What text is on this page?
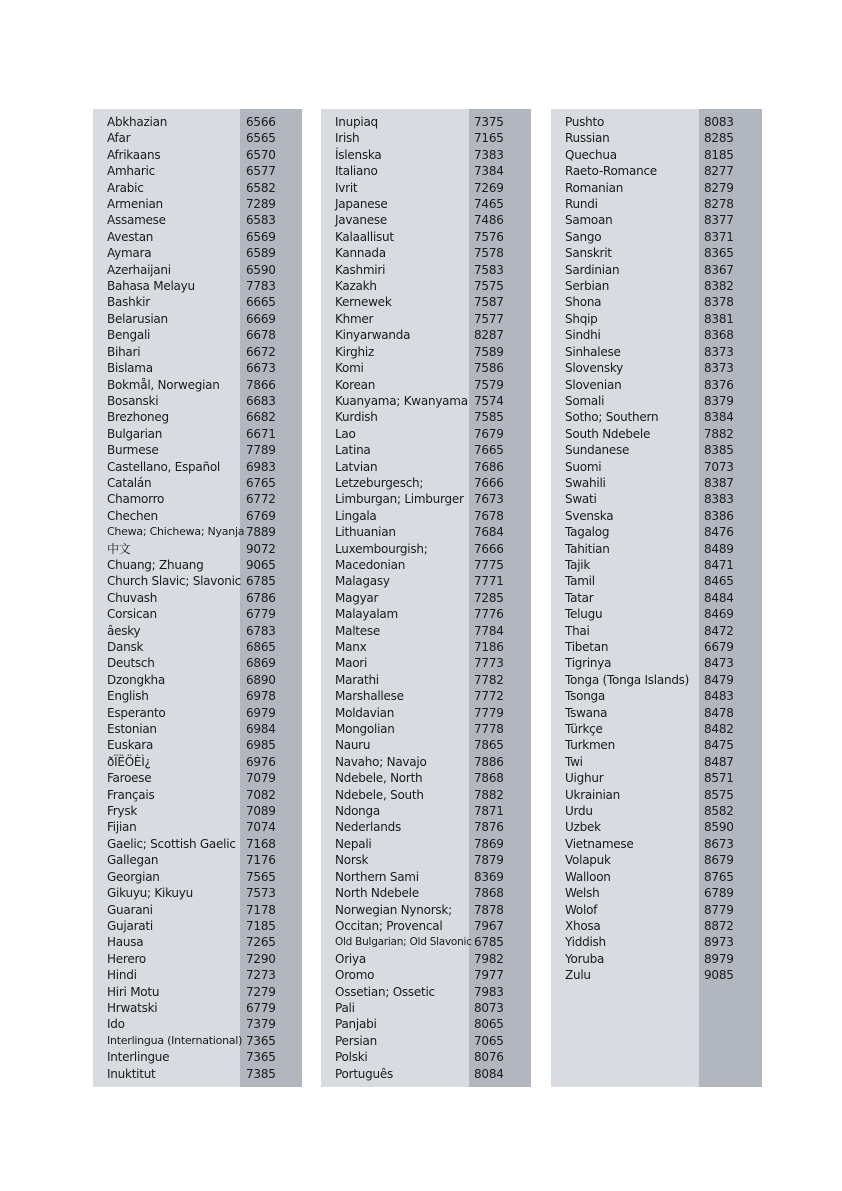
Abkhazian	6566
Afar	6565
Afrikaans	6570
Amharic	6577
Arabic	6582
Armenian	7289
Assamese	6583
Avestan	6569
Aymara	6589
Azerhaijani	6590
Bahasa Melayu	7783
Bashkir	6665
Belarusian	6669
Bengali	6678
Bihari	6672
Bislama	6673
Bokmål, Norwegian 7866
Bosanski	6683
Brezhoneg	6682
Bulgarian	6671
Burmese	7789
Castellano, Español 6983
Catalán	6765
Chamorro	6772
Chechen	6769
Chewa; Chichewa; Nyanja 7889
中文	9072
Chuang; Zhuang	9065
Church Slavic; Slavonic 6785
Chuvash	6786
Corsican	6779
âesky	6783
Dansk	6865
Deutsch	6869
Dzongkha	6890
English	6978
Esperanto	6979
Estonian	6984
Euskara	6985
ðÏËÖÈÌ¿	6976
Faroese	7079
Français	7082
Frysk	7089
Fijian	7074
Gaelic; Scottish Gaelic 7168
Gallegan	7176
Georgian	7565
Gikuyu; Kikuyu	7573
Guarani	7178
Gujarati	7185
Hausa	7265
Herero	7290
Hindi	7273
Hiri Motu	7279
Hrwatski	6779
Ido	7379
Interlingua (International) 7365
Interlingue	7365
Inuktitut	7385
Inupiaq	7375
Irish	7165
Íslenska	7383
Italiano	7384
Ivrit	7269
Japanese	7465
Javanese	7486
Kalaallisut	7576
Kannada	7578
Kashmiri	7583
Kazakh	7575
Kernewek	7587
Khmer	7577
Kinyarwanda	8287
Kirghiz	7589
Komi	7586
Korean	7579
Kuanyama; Kwanyama 7574
Kurdish	7585
Lao	7679
Latina	7665
Latvian	7686
Letzeburgesch;	7666
Limburgan; Limburger 7673
Lingala	7678
Lithuanian	7684
Luxembourgish;	7666
Macedonian	7775
Malagasy	7771
Magyar	7285
Malayalam	7776
Maltese	7784
Manx	7186
Maori	7773
Marathi	7782
Marshallese	7772
Moldavian	7779
Mongolian	7778
Nauru	7865
Navaho; Navajo	7886
Ndebele, North	7868
Ndebele, South	7882
Ndonga	7871
Nederlands	7876
Nepali	7869
Norsk	7879
Northern Sami	8369
North Ndebele	7868
Norwegian Nynorsk; 7878
Occitan; Provencal	7967
Old Bulgarian; Old Slavonic 6785
Oriya	7982
Oromo	7977
Ossetian; Ossetic	7983
Pali	8073
Panjabi	8065
Persian	7065
Polski	8076
Português	8084
Pushto	8083
Russian	8285
Quechua	8185
Raeto-Romance	8277
Romanian	8279
Rundi	8278
Samoan	8377
Sango	8371
Sanskrit	8365
Sardinian	8367
Serbian	8382
Shona	8378
Shqip	8381
Sindhi	8368
Sinhalese	8373
Slovensky	8373
Slovenian	8376
Somali	8379
Sotho; Southern	8384
South Ndebele	7882
Sundanese	8385
Suomi	7073
Swahili	8387
Swati	8383
Svenska	8386
Tagalog	8476
Tahitian	8489
Tajik	8471
Tamil	8465
Tatar	8484
Telugu	8469
Thai	8472
Tibetan	6679
Tigrinya	8473
Tonga (Tonga Islands) 8479
Tsonga	8483
Tswana	8478
Türkçe	8482
Turkmen	8475
Twi	8487
Uighur	8571
Ukrainian	8575
Urdu	8582
Uzbek	8590
Vietnamese	8673
Volapuk	8679
Walloon	8765
Welsh	6789
Wolof	8779
Xhosa	8872
Yiddish	8973
Yoruba	8979
Zulu	9085
